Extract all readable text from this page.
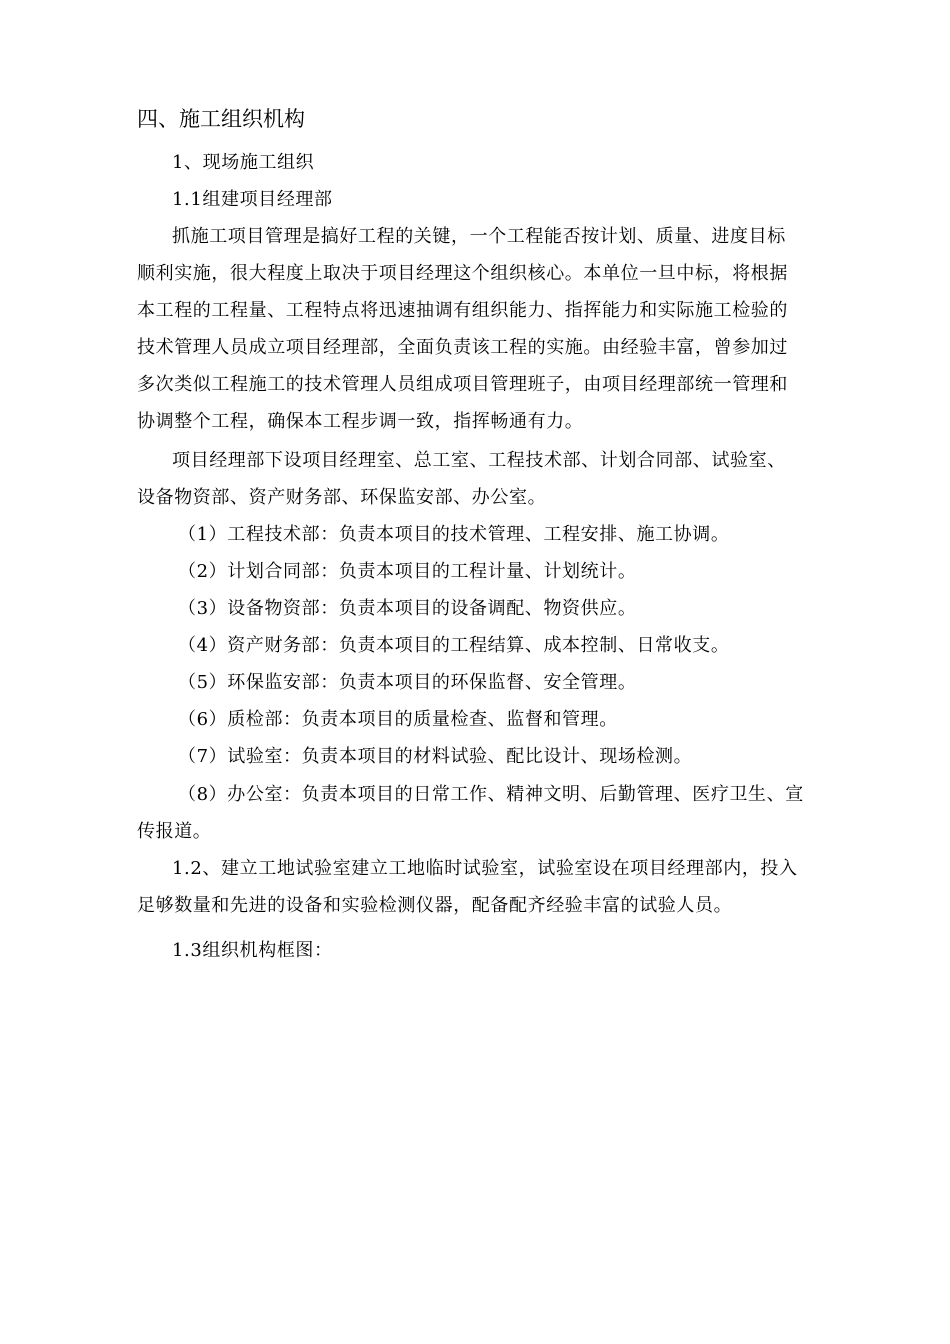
四、施工组织机构
1、现场施工组织
1.1组建项目经理部
抓施工项目管理是搞好工程的关键，一个工程能否按计划、质量、进度目标
顺利实施，很大程度上取决于项目经理这个组织核心。本单位一旦中标，将根据
本工程的工程量、工程特点将迅速抽调有组织能力、指挥能力和实际施工检验的
技术管理人员成立项目经理部，全面负责该工程的实施。由经验丰富，曾参加过
多次类似工程施工的技术管理人员组成项目管理班子，由项目经理部统一管理和
协调整个工程，确保本工程步调一致，指挥畅通有力。
项目经理部下设项目经理室、总工室、工程技术部、计划合同部、试验室、
设备物资部、资产财务部、环保监安部、办公室。
（1）工程技术部：负责本项目的技术管理、工程安排、施工协调。
（2）计划合同部：负责本项目的工程计量、计划统计。
（3）设备物资部：负责本项目的设备调配、物资供应。
（4）资产财务部：负责本项目的工程结算、成本控制、日常收支。
（5）环保监安部：负责本项目的环保监督、安全管理。
（6）质检部：负责本项目的质量检查、监督和管理。
（7）试验室：负责本项目的材料试验、配比设计、现场检测。
（8）办公室：负责本项目的日常工作、精神文明、后勤管理、医疗卫生、宣
传报道。
1.2、建立工地试验室建立工地临时试验室，试验室设在项目经理部内，投入
足够数量和先进的设备和实验检测仪器，配备配齐经验丰富的试验人员。
1.3组织机构框图：
